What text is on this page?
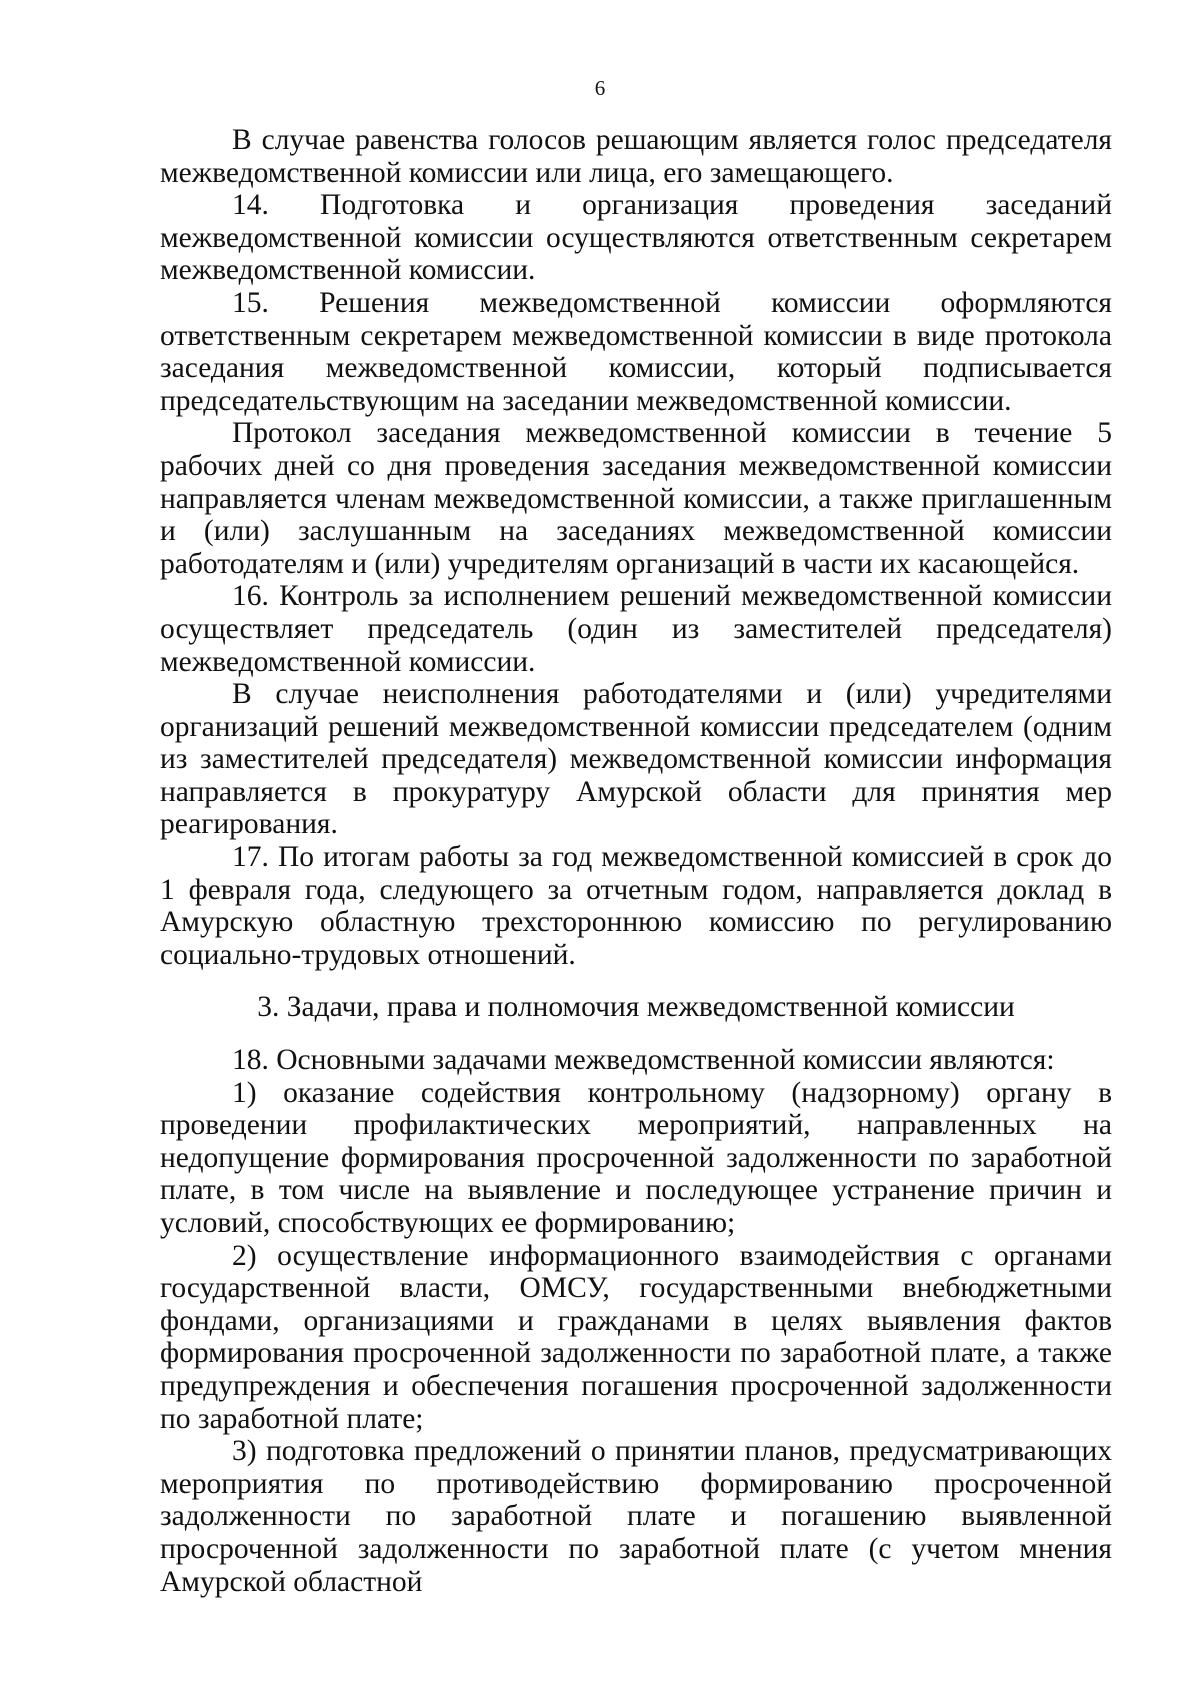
6

В случае равенства голосов решающим является голос председателя межведомственной комиссии или лица, его замещающего.

14. Подготовка и организация проведения заседаний межведомственной комиссии осуществляются ответственным секретарем межведомственной комиссии.

15. Решения межведомственной комиссии оформляются ответственным секретарем межведомственной комиссии в виде протокола заседания межведомственной комиссии, который подписывается председательствующим на заседании межведомственной комиссии.

Протокол заседания межведомственной комиссии в течение 5 рабочих дней со дня проведения заседания межведомственной комиссии направляется членам межведомственной комиссии, а также приглашенным и (или) заслушанным на заседаниях межведомственной комиссии работодателям и (или) учредителям организаций в части их касающейся.

16. Контроль за исполнением решений межведомственной комиссии осуществляет председатель (один из заместителей председателя) межведомственной комиссии.

В случае неисполнения работодателями и (или) учредителями организаций решений межведомственной комиссии председателем (одним из заместителей председателя) межведомственной комиссии информация направляется в прокуратуру Амурской области для принятия мер реагирования.

17. По итогам работы за год межведомственной комиссией в срок до 1 февраля года, следующего за отчетным годом, направляется доклад в Амурскую областную трехстороннюю комиссию по регулированию социально-трудовых отношений.

3. Задачи, права и полномочия межведомственной комиссии

18. Основными задачами межведомственной комиссии являются:

1) оказание содействия контрольному (надзорному) органу в проведении профилактических мероприятий, направленных на недопущение формирования просроченной задолженности по заработной плате, в том числе на выявление и последующее устранение причин и условий, способствующих ее формированию;

2) осуществление информационного взаимодействия с органами государственной власти, ОМСУ, государственными внебюджетными фондами, организациями и гражданами в целях выявления фактов формирования просроченной задолженности по заработной плате, а также предупреждения и обеспечения погашения просроченной задолженности по заработной плате;

3) подготовка предложений о принятии планов, предусматривающих мероприятия по противодействию формированию просроченной задолженности по заработной плате и погашению выявленной просроченной задолженности по заработной плате (с учетом мнения Амурской областной
